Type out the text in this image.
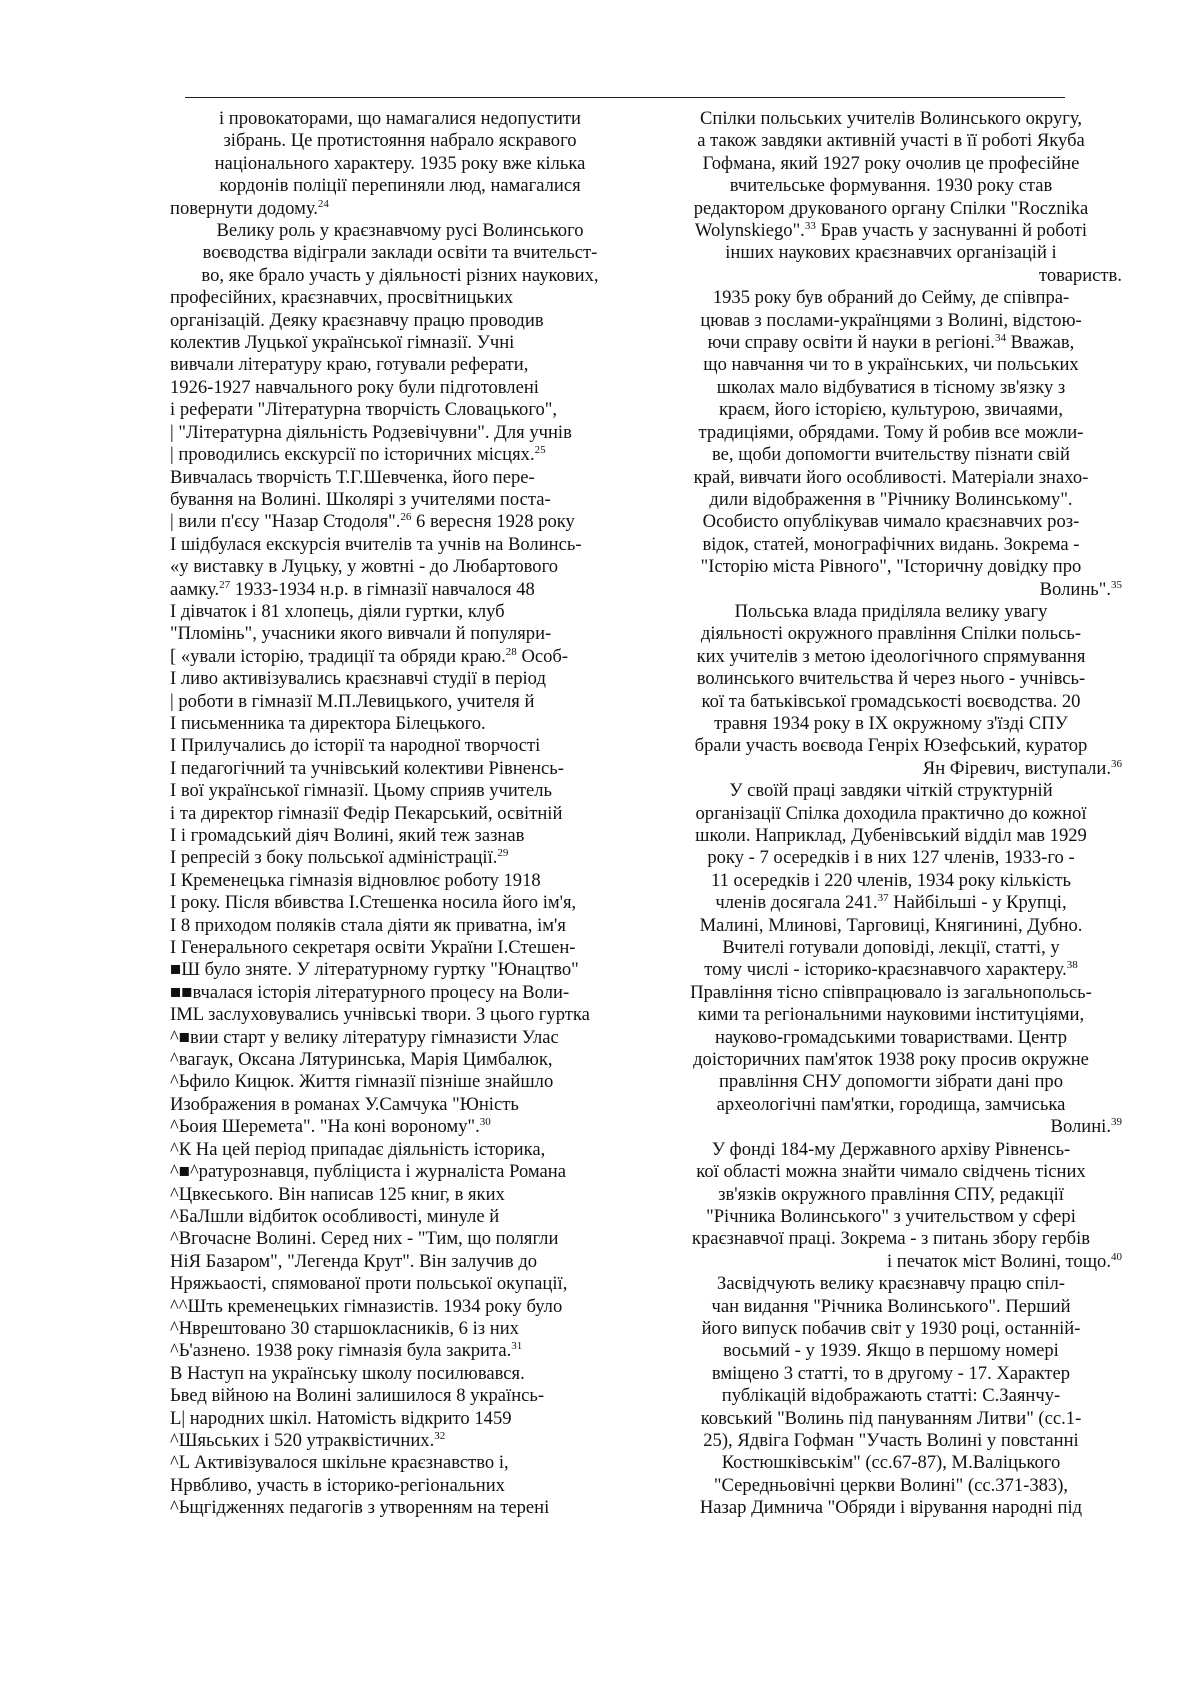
і провокаторами, що намагалися недопустити
зібрань. Це протистояння набрало яскравого
національного характеру. 1935 року вже кілька
кордонів поліції перепиняли люд, намагалися
повернути додому.$^{24}$
Велику роль у краєзнавчому русі Волинського
воєводства відіграли заклади освіти та вчительст-
во, яке брало участь у діяльності різних наукових,
професійних, краєзнавчих, просвітницьких
організацій. Деяку краєзнавчу працю проводив
колектив Луцької української гімназії. Учні
вивчали літературу краю, готували реферати,
1926-1927 навчального року були підготовлені
і реферати "Літературна творчість Словацького",
| "Літературна діяльність Родзевічувни". Для учнів
| проводились екскурсії по історичних місцях.$^{25}$
Вивчалась творчість Т.Г.Шевченка, його пере-
бування на Волині. Школярі з учителями поста-
| вили п'єсу "Назар Стодоля".$^{26}$ 6 вересня 1928 року
I шідбулася екскурсія вчителів та учнів на Волинсь-
«у виставку в Луцьку, у жовтні - до Любартового
аамку.$^{27}$ 1933-1934 н.р. в гімназії навчалося 48
I дівчаток і 81 хлопець, діяли гуртки, клуб
"Пломінь", учасники якого вивчали й популяри-
[ «ували історію, традиції та обряди краю.$^{28}$ Особ-
I ливо активізувались краєзнавчі студії в період
| роботи в гімназії М.П.Левицького, учителя й
I письменника та директора Білецького.
I Прилучались до історії та народної творчості
I педагогічний та учнівський колективи Рівненсь-
I вої української гімназії. Цьому сприяв учитель
і та директор гімназії Федір Пекарський, освітній
I і громадський діяч Волині, який теж зазнав
I репресій з боку польської адміністрації.$^{29}$
I Кременецька гімназія відновлює роботу 1918
I року. Після вбивства І.Стешенка носила його ім'я,
I 8 приходом поляків стала діяти як приватна, ім'я
I Генерального секретаря освіти України І.Стешен-
■Ш було зняте. У літературному гуртку "Юнацтво"
■■вчалася історія літературного процесу на Воли-
IML заслуховувались учнівські твори. З цього гуртка
^■вии старт у велику літературу гімназисти Улас
^вагаук, Оксана Лятуринська, Марія Цимбалюк,
^Ьфило Кицюк. Життя гімназії пізніше знайшло
Изображения в романах У.Самчука "Юність
^Ьоия Шеремета". "На коні вороному".$^{30}$
^К На цей період припадає діяльність історика,
^■^ратурознавця, публіциста і журналіста Романа
^Цвкеського. Він написав 125 книг, в яких
^БаЛшли відбиток особливості, минуле й
^Вгочасне Волині. Серед них - "Тим, що полягли
НіЯ Базаром", "Легенда Крут". Він залучив до
Нряжьаості, спямованої проти польської окупації,
^^Шть кременецьких гімназистів. 1934 року було
^Нврештовано 30 старшокласників, 6 із них
^Ь'азнено. 1938 року гімназія була закрита.$^{31}$
В Наступ на українську школу посилювався.
Ьвед війною на Волині залишилося 8 українсь-
L| народних шкіл. Натомість відкрито 1459
^Шяьських і 520 утраквістичних.$^{32}$
^L Активізувалося шкільне краєзнавство і,
Нрвбливо, участь в історико-регіональних
^Ьщгідженнях педагогів з утворенням на терені
Спілки польських учителів Волинського округу,
а також завдяки активній участі в її роботі Якуба
Гофмана, який 1927 року очолив це професійне
вчительське формування. 1930 року став
редактором друкованого органу Спілки "Rocznika
Wolynskiego".$^{33}$ Брав участь у заснуванні й роботі
інших наукових краєзнавчих організацій і
товариств.
1935 року був обраний до Сейму, де співпра-
цював з послами-українцями з Волині, відстою-
ючи справу освіти й науки в регіоні.$^{34}$ Вважав,
що навчання чи то в українських, чи польських
школах мало відбуватися в тісному зв'язку з
краєм, його історією, культурою, звичаями,
традиціями, обрядами. Тому й робив все можли-
ве, щоби допомогти вчительству пізнати свій
край, вивчати його особливості. Матеріали знахо-
дили відображення в "Річнику Волинському".
Особисто опублікував чимало краєзнавчих роз-
відок, статей, монографічних видань. Зокрема -
"Історію міста Рівного", "Історичну довідку про
Волинь".$^{35}$
Польська влада приділяла велику увагу
діяльності окружного правління Спілки польсь-
ких учителів з метою ідеологічного спрямування
волинського вчительства й через нього - учнівсь-
кої та батьківської громадськості воєводства. 20
травня 1934 року в IX окружному з'їзді СПУ
брали участь воєвода Генріх Юзефський, куратор
Ян Фіревич, виступали.$^{36}$
У своїй праці завдяки чіткій структурній
організації Спілка доходила практично до кожної
школи. Наприклад, Дубенівський відділ мав 1929
року - 7 осередків і в них 127 членів, 1933-го -
11 осередків і 220 членів, 1934 року кількість
членів досягала 241.37 Найбільші - у Крупці,
Малині, Млинові, Тарговиці, Княгинині, Дубно.
Вчителі готували доповіді, лекції, статті, у
тому числі - історико-краєзнавчого характеру.$^{38}$
Правління тісно співпрацювало із загальнопольсь-
кими та регіональними науковими інституціями,
науково-громадськими товариствами. Центр
доісторичних пам'яток 1938 року просив окружне
правління СНУ допомогти зібрати дані про
археологічні пам'ятки, городища, замчиська
Волині.$^{39}$
У фонді 184-му Державного архіву Рівненсь-
кої області можна знайти чимало свідчень тісних
зв'язків окружного правління СПУ, редакції
"Річника Волинського" з учительством у сфері
краєзнавчої праці. Зокрема - з питань збору гербів
і печаток міст Волині, тощо.$^{40}$
Засвідчують велику краєзнавчу працю спіл-
чан видання "Річника Волинського". Перший
його випуск побачив світ у 1930 році, останній-
восьмий - у 1939. Якщо в першому номері
вміщено 3 статті, то в другому - 17. Характер
публікацій відображають статті: С.Заянчу-
ковський "Волинь під пануванням Литви" (сс.1-
25), Ядвіга Гофман "Участь Волині у повстанні
Костюшківськім" (сс.67-87), М.Валіцького
"Середньовічні церкви Волині" (сс.371-383),
Назар Димнича "Обряди і вірування народні під
